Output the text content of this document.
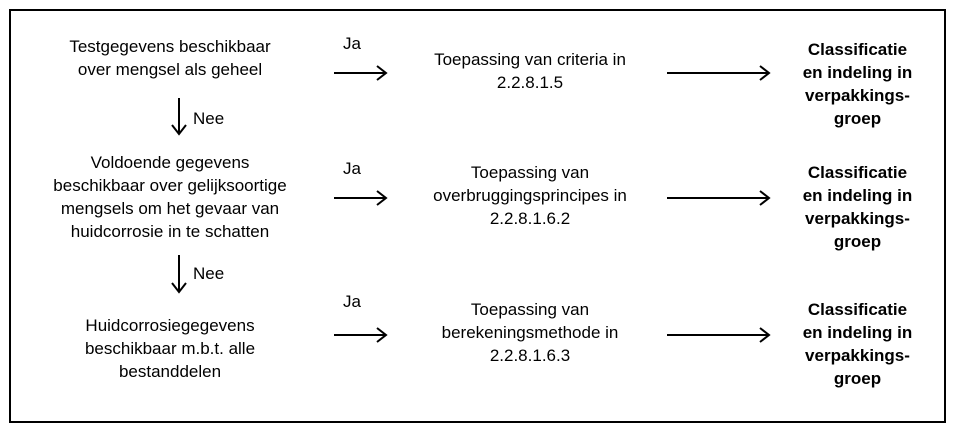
Testgegevens beschikbaar
over mengsel als geheel
Ja
Toepassing van criteria in
2.2.8.1.5
Classificatie
en indeling in
verpakkings-
groep
Voldoende gegevens
beschikbaar over gelijksoortige
mengsels om het gevaar van
huidcorrosie in te schatten
Ja	Toepassing van
overbruggingsprincipes in
2.2.8.1.6.2
Classificatie
en indeling in
verpakkings-
groep
Huidcorrosiegegevens
beschikbaar m.b.t. alle
bestanddelen
Ja	Toepassing van
berekeningsmethode in
2.2.8.1.6.3
Classificatie
en indeling in
verpakkings-
groep
Nee
Nee
